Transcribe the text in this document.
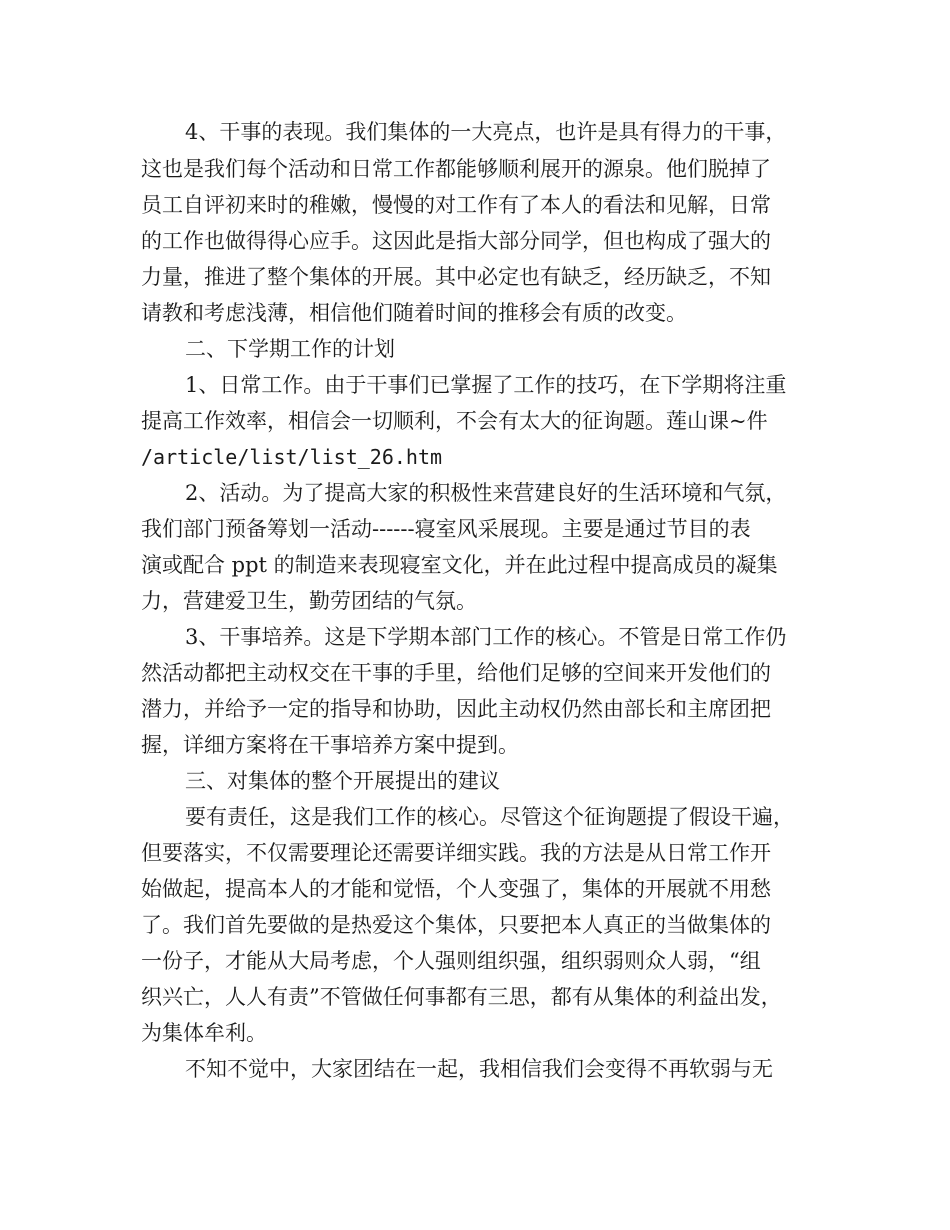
4、干事的表现。我们集体的一大亮点，也许是具有得力的干事，
这也是我们每个活动和日常工作都能够顺利展开的源泉。他们脱掉了
员工自评初来时的稚嫩，慢慢的对工作有了本人的看法和见解，日常
的工作也做得得心应手。这因此是指大部分同学，但也构成了强大的
力量，推进了整个集体的开展。其中必定也有缺乏，经历缺乏，不知
请教和考虑浅薄，相信他们随着时间的推移会有质的改变。
二、下学期工作的计划
1、日常工作。由于干事们已掌握了工作的技巧，在下学期将注重
提高工作效率，相信会一切顺利，不会有太大的征询题。莲山课~件
/article/list/list_26.htm
2、活动。为了提高大家的积极性来营建良好的生活环境和气氛，
我们部门预备筹划一活动------寝室风采展现。主要是通过节目的表
演或配合 ppt 的制造来表现寝室文化，并在此过程中提高成员的凝集
力，营建爱卫生，勤劳团结的气氛。
3、干事培养。这是下学期本部门工作的核心。不管是日常工作仍
然活动都把主动权交在干事的手里，给他们足够的空间来开发他们的
潜力，并给予一定的指导和协助，因此主动权仍然由部长和主席团把
握，详细方案将在干事培养方案中提到。
三、对集体的整个开展提出的建议
要有责任，这是我们工作的核心。尽管这个征询题提了假设干遍，
但要落实，不仅需要理论还需要详细实践。我的方法是从日常工作开
始做起，提高本人的才能和觉悟，个人变强了，集体的开展就不用愁
了。我们首先要做的是热爱这个集体，只要把本人真正的当做集体的
一份子，才能从大局考虑，个人强则组织强，组织弱则众人弱，“组
织兴亡，人人有责”不管做任何事都有三思，都有从集体的利益出发，
为集体牟利。
不知不觉中，大家团结在一起，我相信我们会变得不再软弱与无
